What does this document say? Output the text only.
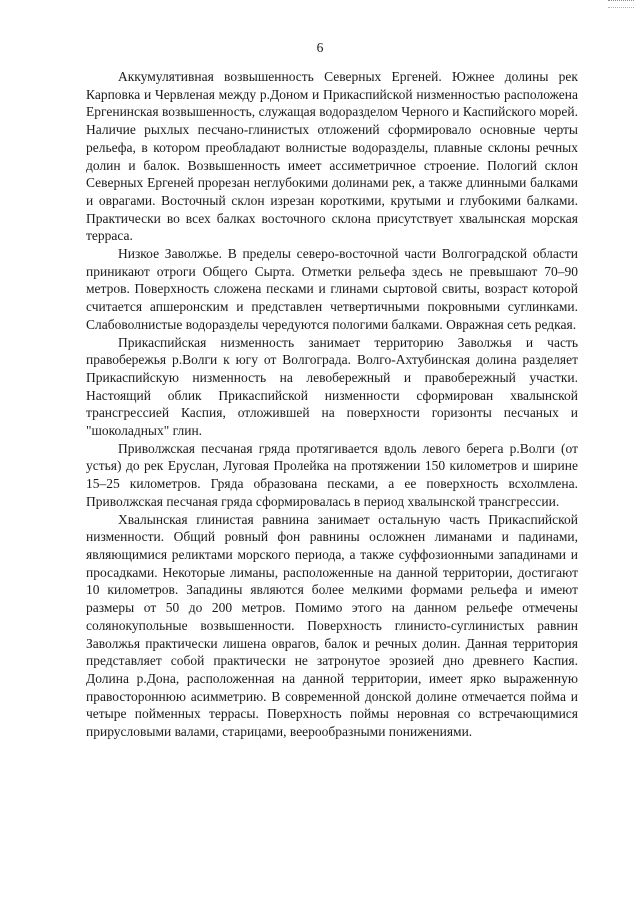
6

Аккумулятивная возвышенность Северных Ергеней. Южнее долины рек Карповка и Червленая между р.Доном и Прикаспийской низменностью расположена Ергенинская возвышенность, служащая водоразделом Черного и Каспийского морей. Наличие рыхлых песчано-глинистых отложений сформировало основные черты рельефа, в котором преобладают волнистые водоразделы, плавные склоны речных долин и балок. Возвышенность имеет ассиметричное строение. Пологий склон Северных Ергеней прорезан неглубокими долинами рек, а также длинными балками и оврагами. Восточный склон изрезан короткими, крутыми и глубокими балками. Практически во всех балках восточного склона присутствует хвалынская морская терраса.

Низкое Заволжье. В пределы северо-восточной части Волгоградской области приникают отроги Общего Сырта. Отметки рельефа здесь не превышают 70–90 метров. Поверхность сложена песками и глинами сыртовой свиты, возраст которой считается апшеронским и представлен четвертичными покровными суглинками. Слабоволнистые водоразделы чередуются пологими балками. Овражная сеть редкая.

Прикаспийская низменность занимает территорию Заволжья и часть правобережья р.Волги к югу от Волгограда. Волго-Ахтубинская долина разделяет Прикаспийскую низменность на левобережный и правобережный участки. Настоящий облик Прикаспийской низменности сформирован хвалынской трансгрессией Каспия, отложившей на поверхности горизонты песчаных и "шоколадных" глин.

Приволжская песчаная гряда протягивается вдоль левого берега р.Волги (от устья) до рек Еруслан, Луговая Пролейка на протяжении 150 километров и ширине 15–25 километров. Гряда образована песками, а ее поверхность всхолмлена. Приволжская песчаная гряда сформировалась в период хвалынской трансгрессии.

Хвалынская глинистая равнина занимает остальную часть Прикаспийской низменности. Общий ровный фон равнины осложнен лиманами и падинами, являющимися реликтами морского периода, а также суффозионными западинами и просадками. Некоторые лиманы, расположенные на данной территории, достигают 10 километров. Западины являются более мелкими формами рельефа и имеют размеры от 50 до 200 метров. Помимо этого на данном рельефе отмечены солянокупольные возвышенности. Поверхность глинисто-суглинистых равнин Заволжья практически лишена оврагов, балок и речных долин. Данная территория представляет собой практически не затронутое эрозией дно древнего Каспия. Долина р.Дона, расположенная на данной территории, имеет ярко выраженную правостороннюю асимметрию. В современной донской долине отмечается пойма и четыре пойменных террасы. Поверхность поймы неровная со встречающимися прирусловыми валами, старицами, веерообразными понижениями.
